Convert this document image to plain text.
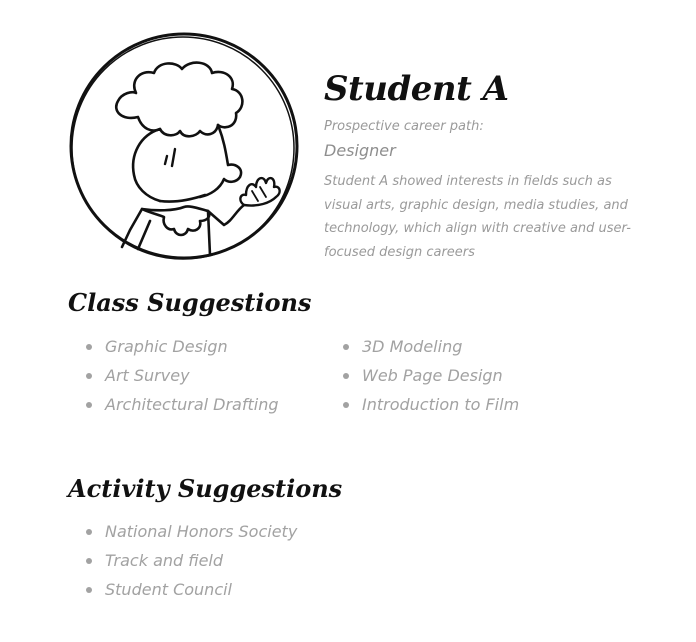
Student A
Prospective career path:
Designer
Student A showed interests in fields such as visual arts, graphic design, media studies, and technology, which align with creative and user-focused design careers
Class Suggestions
Graphic Design
Art Survey
Architectural Drafting
3D Modeling
Web Page Design
Introduction to Film
Activity Suggestions
National Honors Society
Track and field
Student Council
